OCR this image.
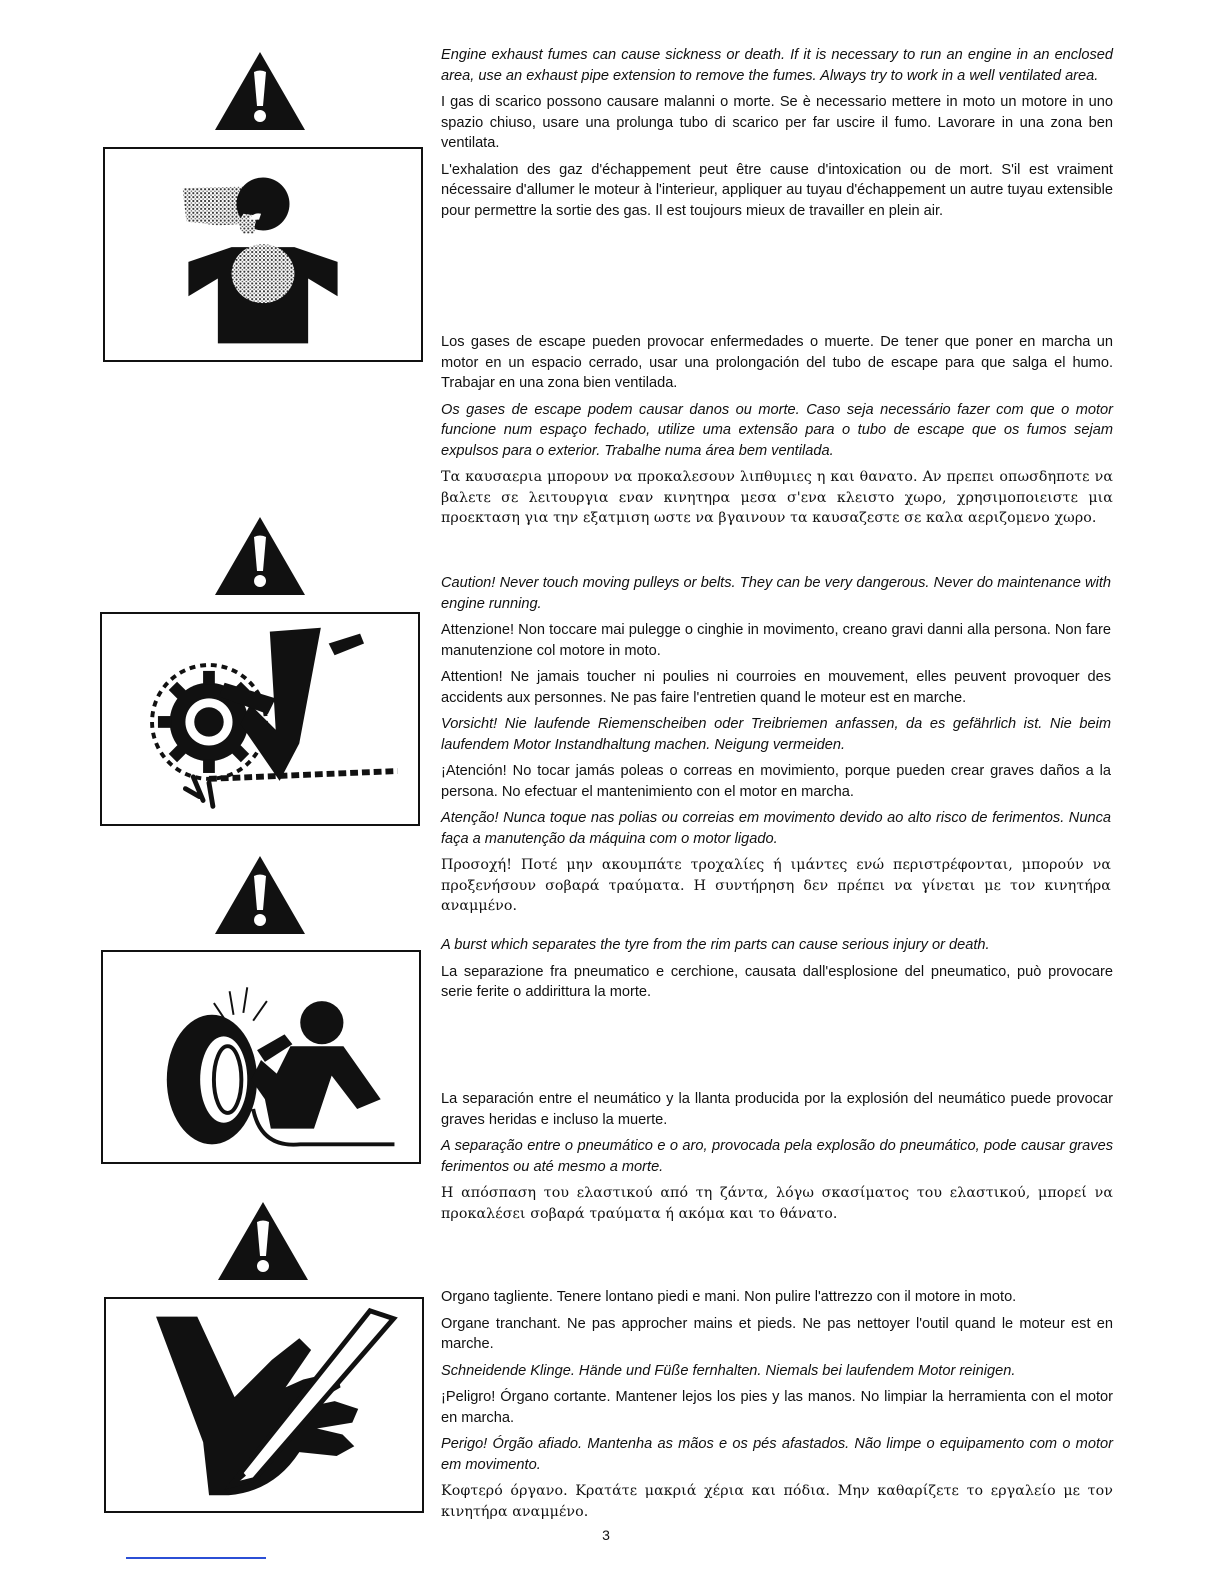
Engine exhaust fumes can cause sickness or death. If it is necessary to run an engine in an enclosed area, use an exhaust pipe extension to remove the fumes. Always try to work in a well ventilated area.

I gas di scarico possono causare malanni o morte. Se è necessario mettere in moto un motore in uno spazio chiuso, usare una prolunga tubo di scarico per far uscire il fumo. Lavorare in una zona ben ventilata.

L'exhalation des gaz d'échappement peut être cause d'intoxication ou de mort. S'il est vraiment nécessaire d'allumer le moteur à l'interieur, appliquer au tuyau d'échappement un autre tuyau extensible pour permettre la sortie des gas. Il est toujours mieux de travailler en plein air.

Los gases de escape pueden provocar enfermedades o muerte. De tener que poner en marcha un motor en un espacio cerrado, usar una prolongación del tubo de escape para que salga el humo. Trabajar en una zona bien ventilada.

Os gases de escape podem causar danos ou morte. Caso seja necessário fazer com que o motor funcione num espaço fechado, utilize uma extensão para o tubo de escape que os fumos sejam expulsos para o exterior. Trabalhe numa área bem ventilada.

Τα καυσαεριa μπορουν να προκαλεσουν λιπθυμιες η και θανατο. Αν πρεπει οπωσδηποτε να βαλετε σε λειτουργια εναν κινητηρα μεσα σ'ενα κλειστο χωρο, χρησιμοποιειστε μια προεκταση για την εξατμιση ωστε να βγαινουν τα καυσαζεστε σε καλα αεριζομενο χωρο.

Caution! Never touch moving pulleys or belts. They can be very dangerous. Never do maintenance with engine running.

Attenzione! Non toccare mai pulegge o cinghie in movimento, creano gravi danni alla persona. Non fare manutenzione col motore in moto.

Attention! Ne jamais toucher ni poulies ni courroies en mouvement, elles peuvent provoquer des accidents aux personnes. Ne pas faire l'entretien quand le moteur est en marche.

Vorsicht! Nie laufende Riemenscheiben oder Treibriemen anfassen, da es gefährlich ist. Nie beim laufendem Motor Instandhaltung machen. Neigung vermeiden.

¡Atención! No tocar jamás poleas o correas en movimiento, porque pueden crear graves daños a la persona. No efectuar el mantenimiento con el motor en marcha.

Atenção! Nunca toque nas polias ou correias em movimento devido ao alto risco de ferimentos. Nunca faça a manutenção da máquina com o motor ligado.

Προσοχή! Ποτέ μην ακουμπάτε τροχαλίες ή ιμάντες ενώ περιστρέφονται, μπορούν να προξενήσουν σοβαρά τραύματα. Η συντήρηση δεν πρέπει να γίνεται με τον κινητήρα αναμμένο.

A burst which separates the tyre from the rim parts can cause serious injury or death.

La separazione fra pneumatico e cerchione, causata dall'esplosione del pneumatico, può provocare serie ferite o addirittura la morte.

La separación entre el neumático y la llanta producida por la explosión del neumático puede provocar graves heridas e incluso la muerte.

A separação entre o pneumático e o aro, provocada pela explosão do pneumático, pode causar graves ferimentos ou até mesmo a morte.

Η απόσπαση του ελαστικού από τη ζάντα, λόγω σκασίματος του ελαστικού, μπορεί να προκαλέσει σοβαρά τραύματα ή ακόμα και το θάνατο.

Organo tagliente. Tenere lontano piedi e mani. Non pulire l'attrezzo con il motore in moto.

Organe tranchant. Ne pas approcher mains et pieds. Ne pas nettoyer l'outil quand le moteur est en marche.

Schneidende Klinge. Hände und Füße fernhalten. Niemals bei laufendem Motor reinigen.

¡Peligro! Órgano cortante. Mantener lejos los pies y las manos. No limpiar la herramienta con el motor en marcha.

Perigo! Órgão afiado. Mantenha as mãos e os pés afastados. Não limpe o equipamento com o motor em movimento.

Κοφτερό όργανο. Κρατάτε μακριά χέρια και πόδια. Μην καθαρίζετε το εργαλείο με τον κινητήρα αναμμένο.

3
